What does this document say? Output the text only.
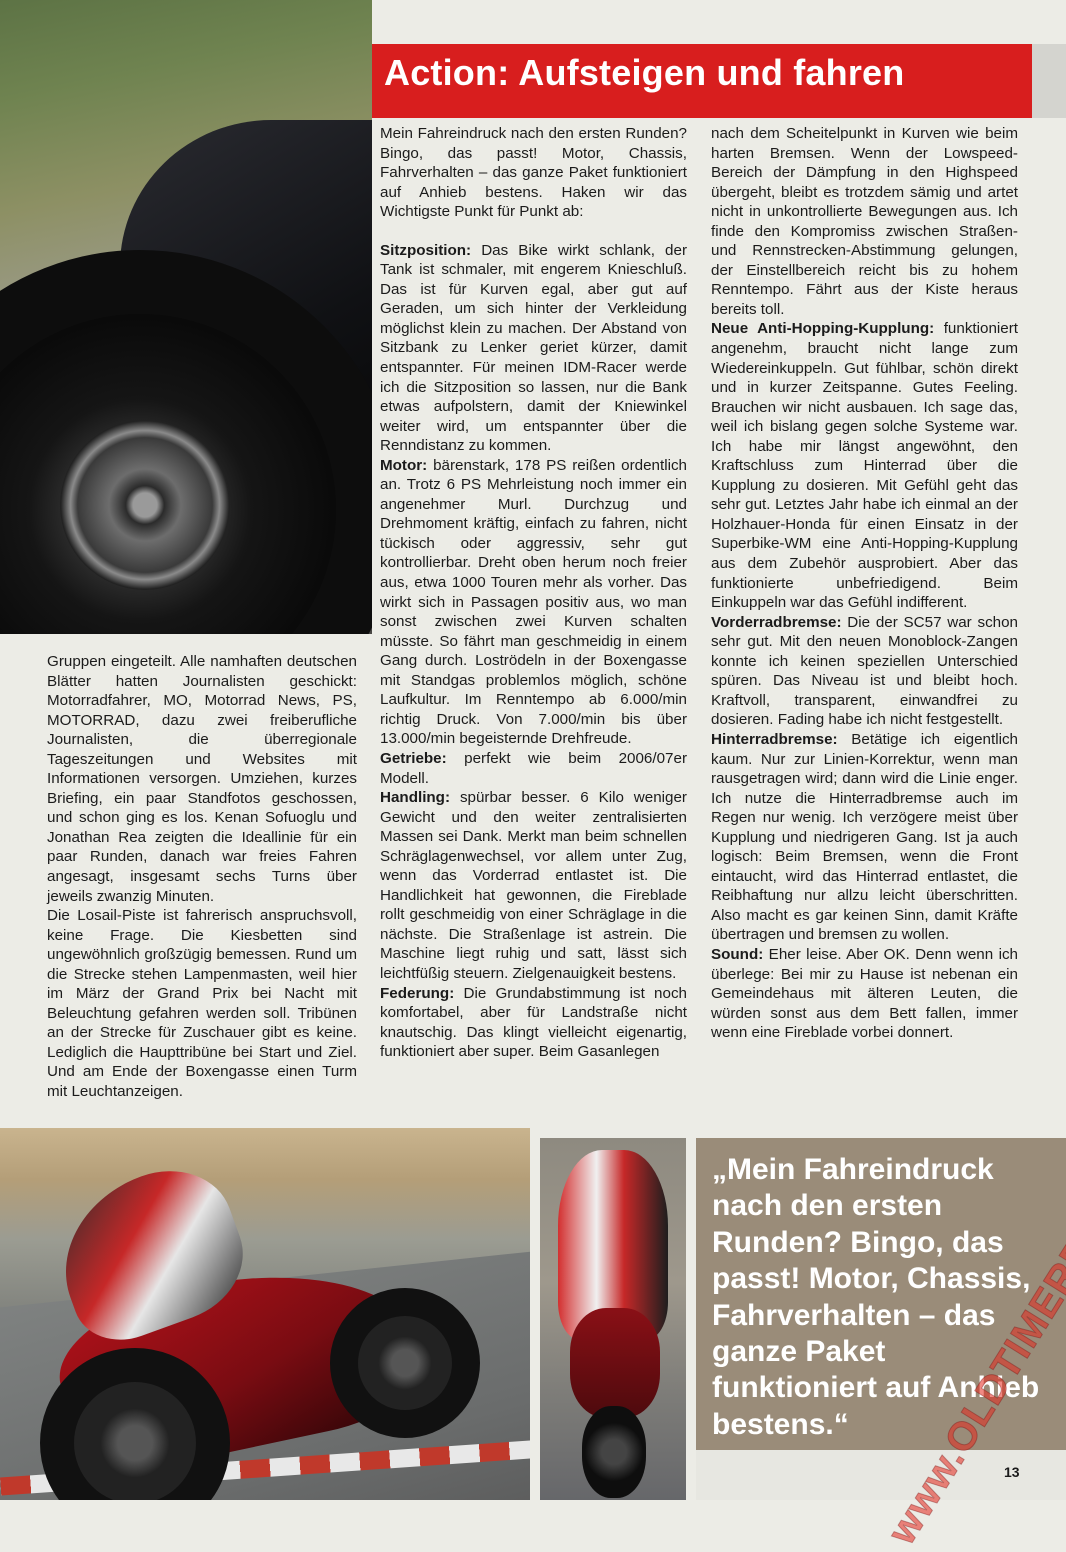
Action: Aufsteigen und fahren

Gruppen eingeteilt. Alle namhaften deutschen Blätter hatten Journalisten geschickt: Motorradfahrer, MO, Motorrad News, PS, MOTORRAD, dazu zwei freiberufliche Journalisten, die überregionale Tageszeitungen und Websites mit Informationen versorgen. Umziehen, kurzes Briefing, ein paar Standfotos geschossen, und schon ging es los. Kenan Sofuoglu und Jonathan Rea zeigten die Ideallinie für ein paar Runden, danach war freies Fahren angesagt, insgesamt sechs Turns über jeweils zwanzig Minuten.

Die Losail-Piste ist fahrerisch anspruchsvoll, keine Frage. Die Kiesbetten sind ungewöhnlich großzügig bemessen. Rund um die Strecke stehen Lampenmasten, weil hier im März der Grand Prix bei Nacht mit Beleuchtung gefahren werden soll. Tribünen an der Strecke für Zuschauer gibt es keine. Lediglich die Haupttribüne bei Start und Ziel. Und am Ende der Boxengasse einen Turm mit Leuchtanzeigen.

Mein Fahreindruck nach den ersten Runden? Bingo, das passt! Motor, Chassis, Fahrverhalten – das ganze Paket funktioniert auf Anhieb bestens. Haken wir das Wichtigste Punkt für Punkt ab:

Sitzposition: Das Bike wirkt schlank, der Tank ist schmaler, mit engerem Knieschluß. Das ist für Kurven egal, aber gut auf Geraden, um sich hinter der Verkleidung möglichst klein zu machen. Der Abstand von Sitzbank zu Lenker geriet kürzer, damit entspannter. Für meinen IDM-Racer werde ich die Sitzposition so lassen, nur die Bank etwas aufpolstern, damit der Kniewinkel weiter wird, um entspannter über die Renndistanz zu kommen.

Motor: bärenstark, 178 PS reißen ordentlich an. Trotz 6 PS Mehrleistung noch immer ein angenehmer Murl. Durchzug und Drehmoment kräftig, einfach zu fahren, nicht tückisch oder aggressiv, sehr gut kontrollierbar. Dreht oben herum noch freier aus, etwa 1000 Touren mehr als vorher. Das wirkt sich in Passagen positiv aus, wo man sonst zwischen zwei Kurven schalten müsste. So fährt man geschmeidig in einem Gang durch. Loströdeln in der Boxengasse mit Standgas problemlos möglich, schöne Laufkultur. Im Renntempo ab 6.000/min richtig Druck. Von 7.000/min bis über 13.000/min begeisternde Drehfreude.

Getriebe: perfekt wie beim 2006/07er Modell.

Handling: spürbar besser. 6 Kilo weniger Gewicht und den weiter zentralisierten Massen sei Dank. Merkt man beim schnellen Schräglagenwechsel, vor allem unter Zug, wenn das Vorderrad entlastet ist. Die Handlichkeit hat gewonnen, die Fireblade rollt geschmeidig von einer Schräglage in die nächste. Die Straßenlage ist astrein. Die Maschine liegt ruhig und satt, lässt sich leichtfüßig steuern. Zielgenauigkeit bestens.

Federung: Die Grundabstimmung ist noch komfortabel, aber für Landstraße nicht knautschig. Das klingt vielleicht eigenartig, funktioniert aber super. Beim Gasanlegen

nach dem Scheitelpunkt in Kurven wie beim harten Bremsen. Wenn der Lowspeed-Bereich der Dämpfung in den Highspeed übergeht, bleibt es trotzdem sämig und artet nicht in unkontrollierte Bewegungen aus. Ich finde den Kompromiss zwischen Straßen- und Rennstrecken-Abstimmung gelungen, der Einstellbereich reicht bis zu hohem Renntempo. Fährt aus der Kiste heraus bereits toll.

Neue Anti-Hopping-Kupplung: funktioniert angenehm, braucht nicht lange zum Wiedereinkuppeln. Gut fühlbar, schön direkt und in kurzer Zeitspanne. Gutes Feeling. Brauchen wir nicht ausbauen. Ich sage das, weil ich bislang gegen solche Systeme war. Ich habe mir längst angewöhnt, den Kraftschluss zum Hinterrad über die Kupplung zu dosieren. Mit Gefühl geht das sehr gut. Letztes Jahr habe ich einmal an der Holzhauer-Honda für einen Einsatz in der Superbike-WM eine Anti-Hopping-Kupplung aus dem Zubehör ausprobiert. Aber das funktionierte unbefriedigend. Beim Einkuppeln war das Gefühl indifferent.

Vorderradbremse: Die der SC57 war schon sehr gut. Mit den neuen Monoblock-Zangen konnte ich keinen speziellen Unterschied spüren. Das Niveau ist und bleibt hoch. Kraftvoll, transparent, einwandfrei zu dosieren. Fading habe ich nicht festgestellt.

Hinterradbremse: Betätige ich eigentlich kaum. Nur zur Linien-Korrektur, wenn man rausgetragen wird; dann wird die Linie enger. Ich nutze die Hinterradbremse auch im Regen nur wenig. Ich verzögere meist über Kupplung und niedrigeren Gang. Ist ja auch logisch: Beim Bremsen, wenn die Front eintaucht, wird das Hinterrad entlastet, die Reibhaftung nur allzu leicht überschritten. Also macht es gar keinen Sinn, damit Kräfte übertragen und bremsen zu wollen.

Sound: Eher leise. Aber OK. Denn wenn ich überlege: Bei mir zu Hause ist nebenan ein Gemeindehaus mit älteren Leuten, die würden sonst aus dem Bett fallen, immer wenn eine Fireblade vorbei donnert.

„Mein Fahreindruck nach den ersten Runden? Bingo, das passt! Motor, Chassis, Fahrverhalten – das ganze Paket funktioniert auf Anhieb bestens.“

13
